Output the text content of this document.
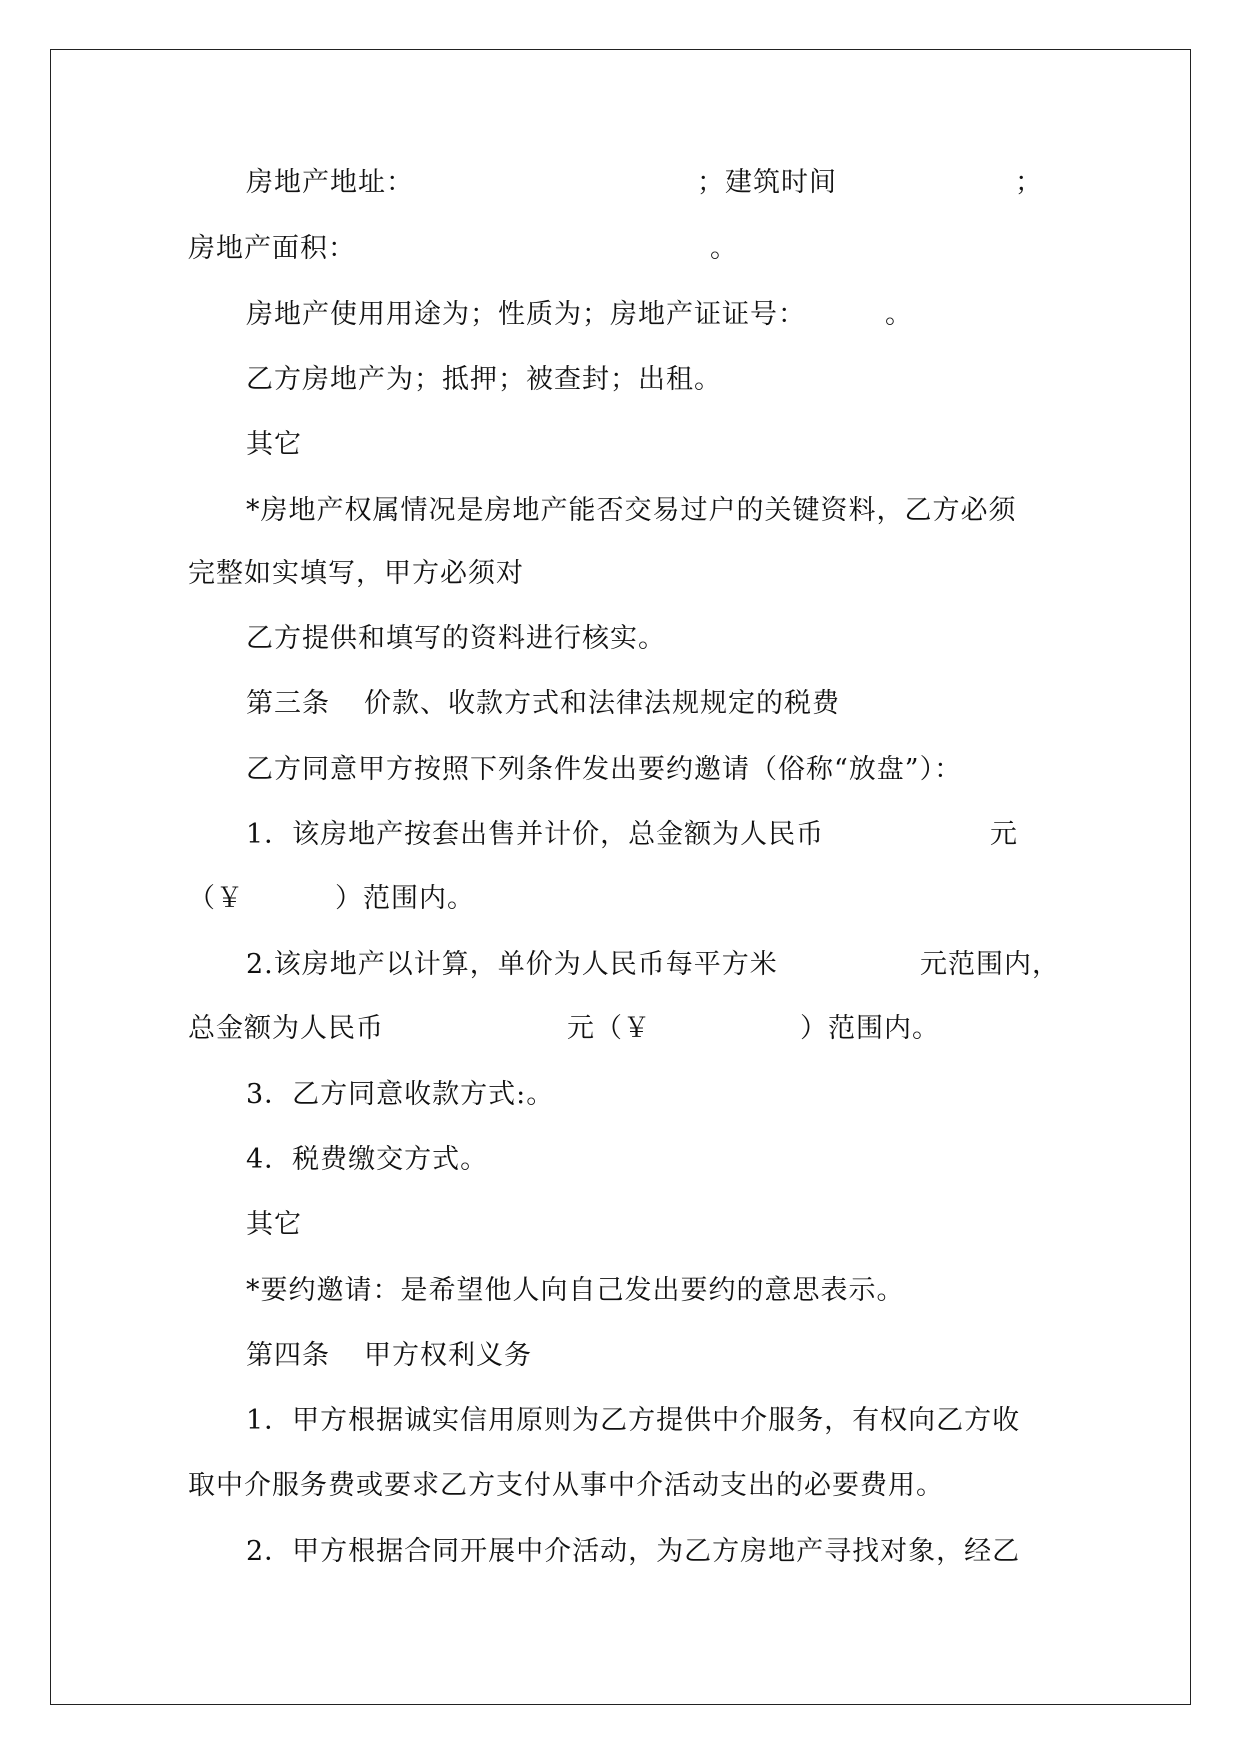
房地产地址：	；建筑时间	；
房地产面积：	。
房地产使用用途为；性质为；房地产证证号：	。
乙方房地产为；抵押；被查封；出租。
其它
*房地产权属情况是房地产能否交易过户的关键资料，乙方必须
完整如实填写，甲方必须对
乙方提供和填写的资料进行核实。
第三条 价款、收款方式和法律法规规定的税费
乙方同意甲方按照下列条件发出要约邀请（俗称“放盘”）：
1．该房地产按套出售并计价，总金额为人民币	元
（￥	）范围内。
2.该房地产以计算，单价为人民币每平方米	元范围内，
总金额为人民币	元（￥	）范围内。
3．乙方同意收款方式:。
4．税费缴交方式。
其它
*要约邀请：是希望他人向自己发出要约的意思表示。
第四条 甲方权利义务
1．甲方根据诚实信用原则为乙方提供中介服务，有权向乙方收
取中介服务费或要求乙方支付从事中介活动支出的必要费用。
2．甲方根据合同开展中介活动，为乙方房地产寻找对象，经乙
